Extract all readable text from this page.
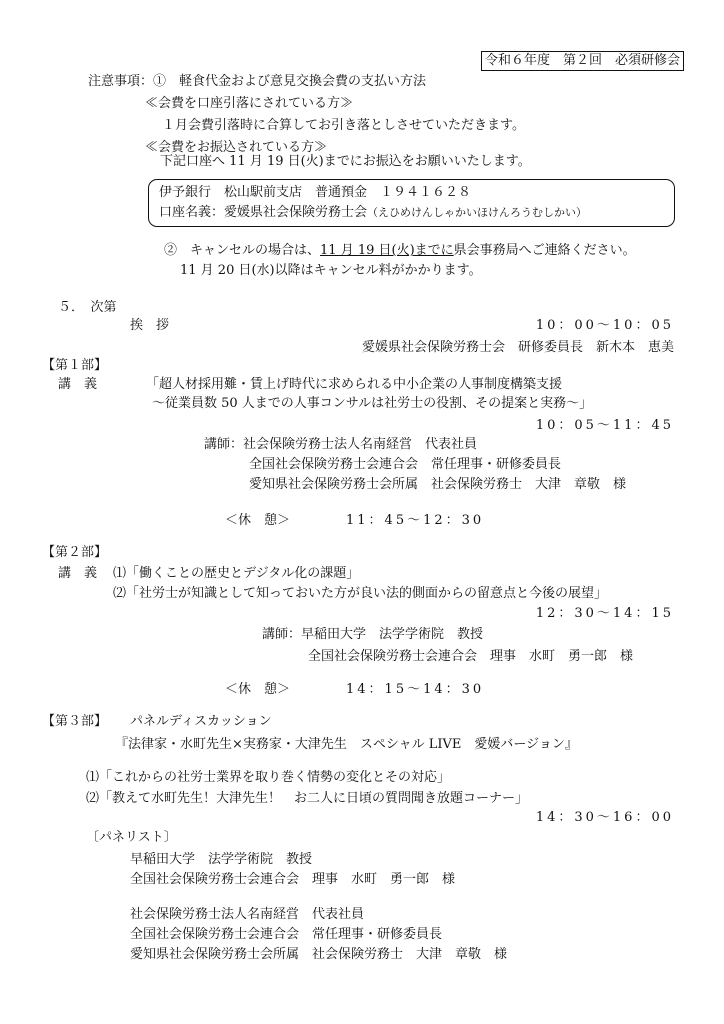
令和６年度　第２回　必須研修会
注意事項：①　軽食代金および意見交換会費の支払い方法
≪会費を口座引落にされている方≫
１月会費引落時に合算してお引き落としさせていただきます。
≪会費をお振込されている方≫
下記口座へ 11 月 19 日(火)までにお振込をお願いいたします。
伊予銀行　松山駅前支店　普通預金　１９４１６２８
口座名義：愛媛県社会保険労務士会（えひめけんしゃかいほけんろうむしかい）
②　キャンセルの場合は、11 月 19 日(火)までに県会事務局へご連絡ください。
11 月 20 日(水)以降はキャンセル料がかかります。
５．　次第
挨　拶	10：00～10：05
愛媛県社会保険労務士会　研修委員長　新木本　恵美
【第１部】
講　義	「超人材採用難・賃上げ時代に求められる中小企業の人事制度構築支援
～従業員数 50 人までの人事コンサルは社労士の役割、その提案と実務～」
10：05～11：45
講師：社会保険労務士法人名南経営　代表社員
全国社会保険労務士会連合会　常任理事・研修委員長
愛知県社会保険労務士会所属　社会保険労務士　大津　章敬　様
＜休　憩＞	11：45～12：30
【第２部】
講　義 ⑴「働くことの歴史とデジタル化の課題」
⑵「社労士が知識として知っておいた方が良い法的側面からの留意点と今後の展望」
12：30～14：15
講師：早稲田大学　法学学術院　教授
全国社会保険労務士会連合会　理事　水町　勇一郎　様
＜休　憩＞	14：15～14：30
【第３部】 パネルディスカッション
『法律家・水町先生×実務家・大津先生　スペシャル LIVE　愛媛バージョン』
⑴「これからの社労士業界を取り巻く情勢の変化とその対応」
⑵「教えて水町先生！大津先生！　お二人に日頃の質問聞き放題コーナー」
14：30～16：00
〔パネリスト〕
早稲田大学　法学学術院　教授
全国社会保険労務士会連合会　理事　水町　勇一郎　様
社会保険労務士法人名南経営　代表社員
全国社会保険労務士会連合会　常任理事・研修委員長
愛知県社会保険労務士会所属　社会保険労務士　大津　章敬　様
